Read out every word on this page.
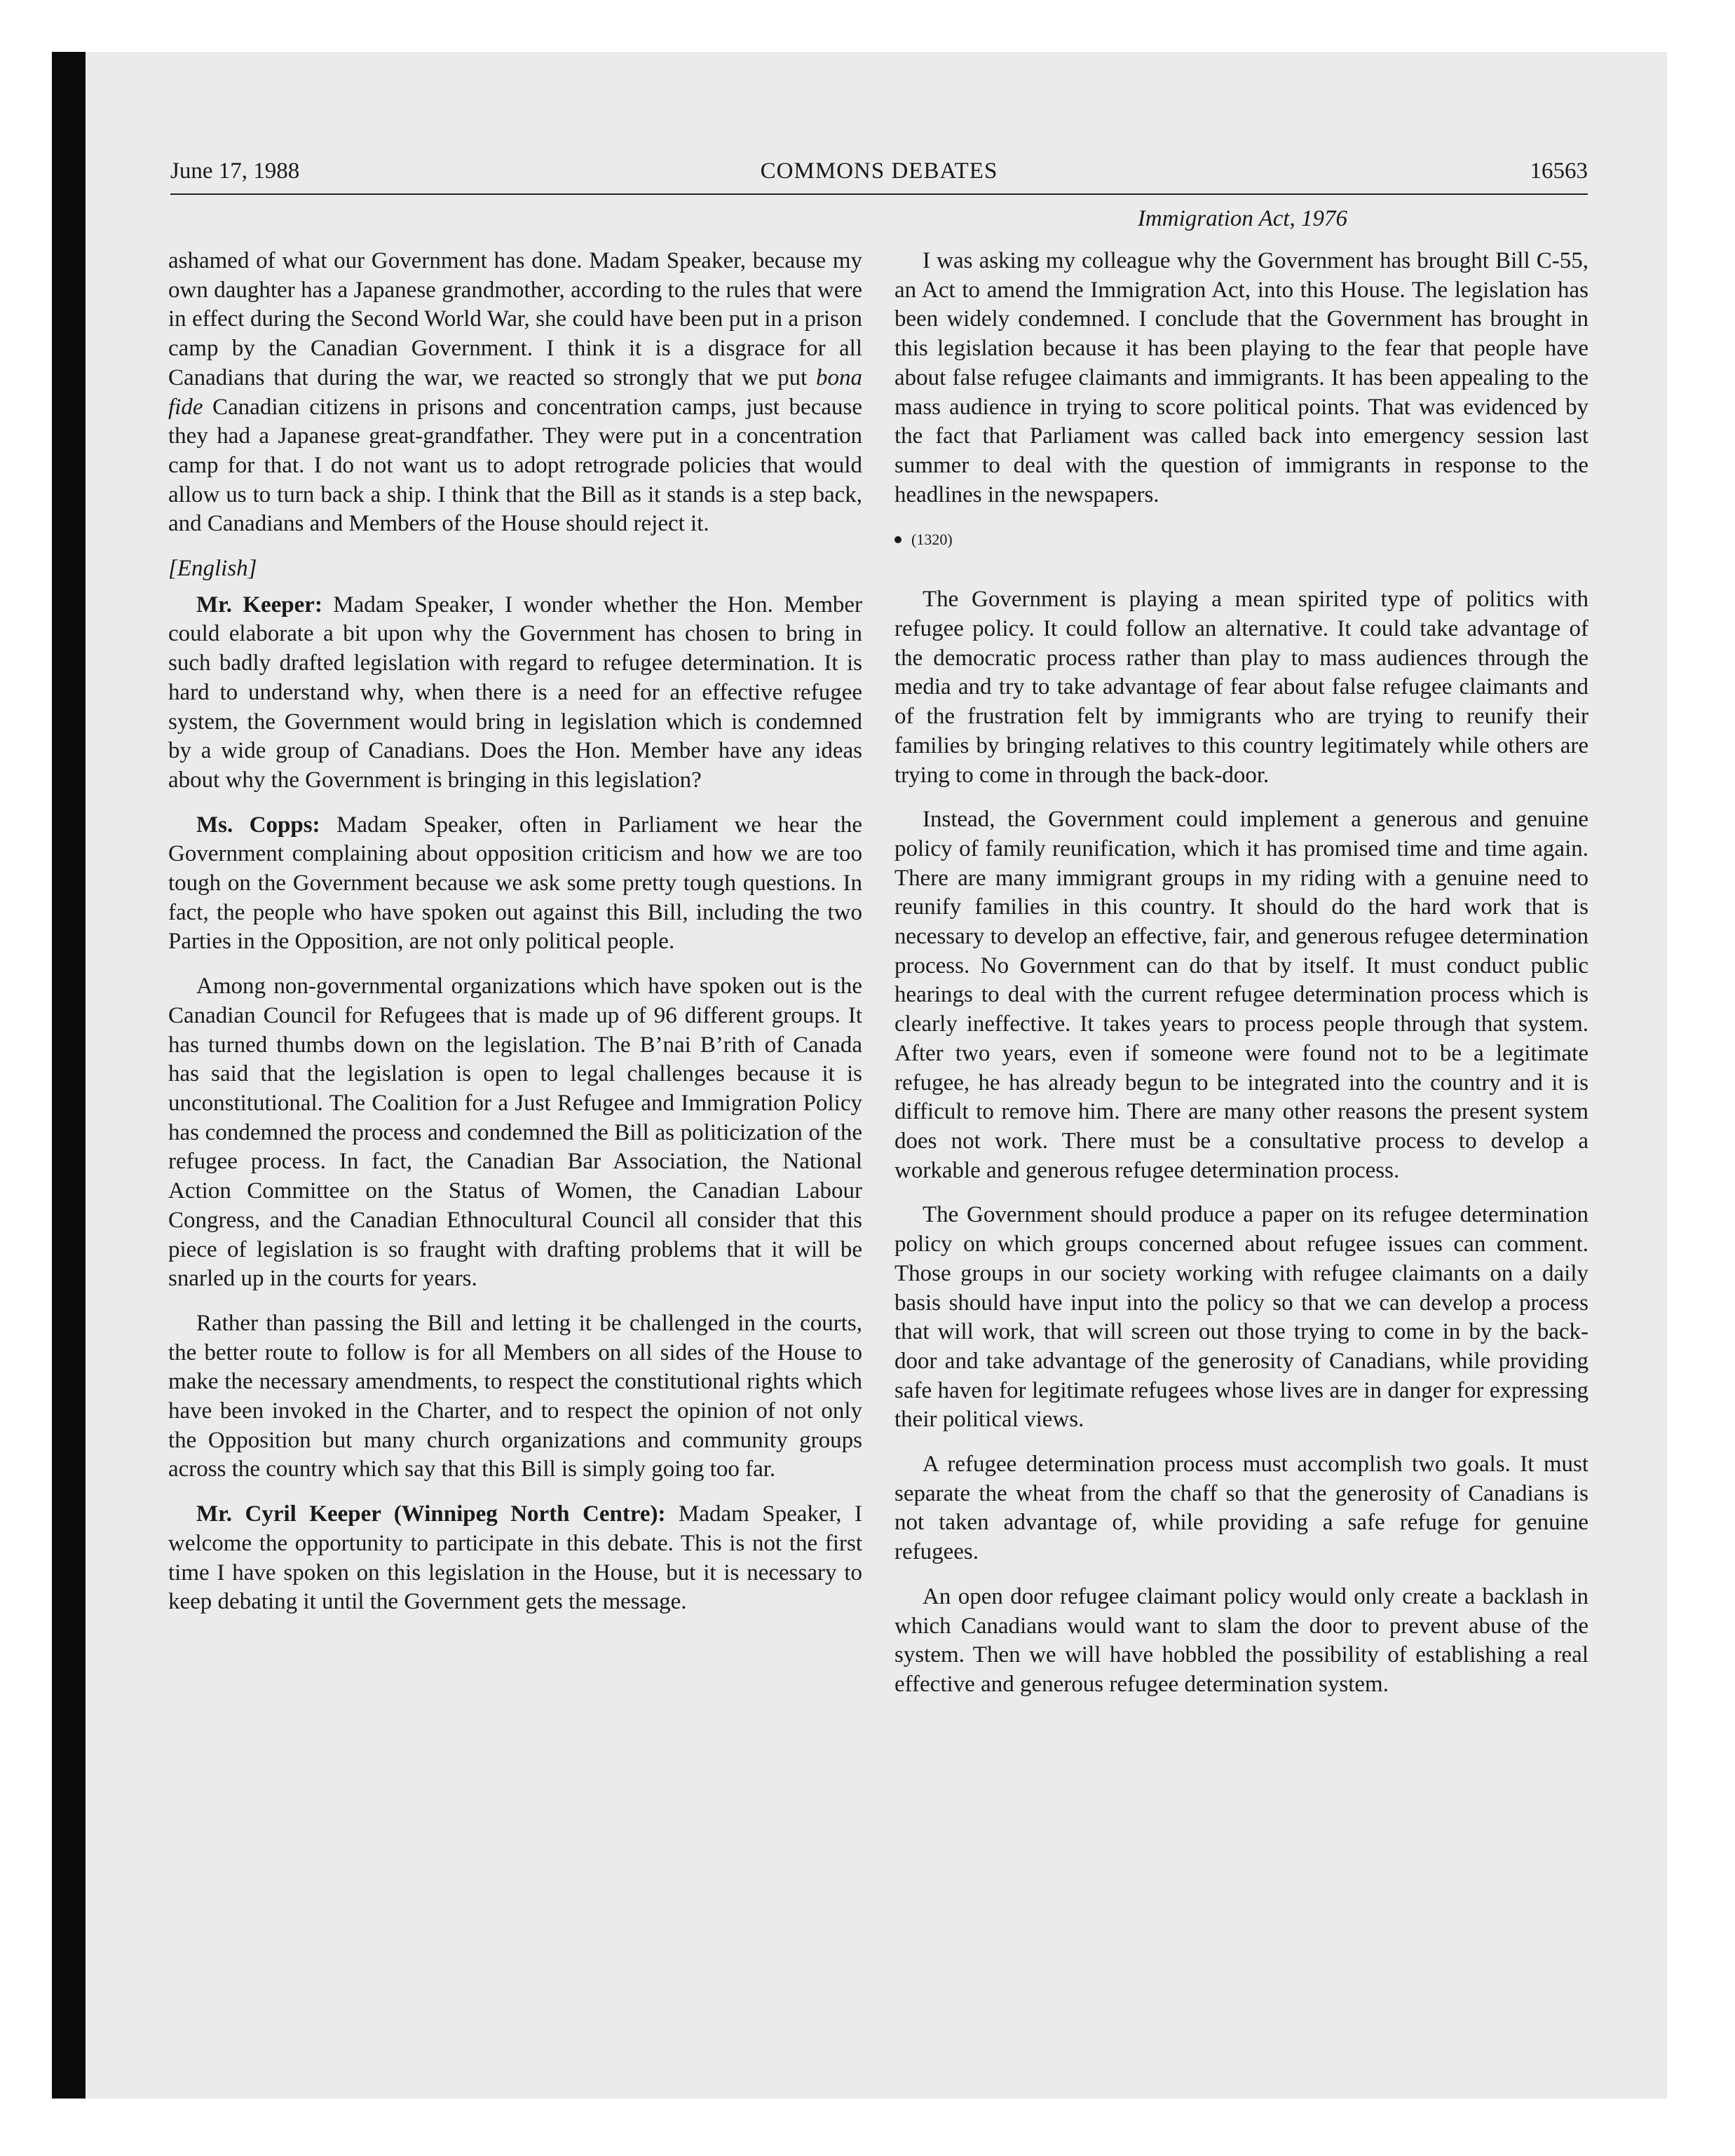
June 17, 1988	COMMONS DEBATES	16563
Immigration Act, 1976

ashamed of what our Government has done. Madam Speaker, because my own daughter has a Japanese grandmother, according to the rules that were in effect during the Second World War, she could have been put in a prison camp by the Canadian Government. I think it is a disgrace for all Canadians that during the war, we reacted so strongly that we put bona fide Canadian citizens in prisons and concentration camps, just because they had a Japanese great-grandfather. They were put in a concentration camp for that. I do not want us to adopt retrograde policies that would allow us to turn back a ship. I think that the Bill as it stands is a step back, and Canadians and Members of the House should reject it.

[English]

Mr. Keeper: Madam Speaker, I wonder whether the Hon. Member could elaborate a bit upon why the Government has chosen to bring in such badly drafted legislation with regard to refugee determination. It is hard to understand why, when there is a need for an effective refugee system, the Government would bring in legislation which is condemned by a wide group of Canadians. Does the Hon. Member have any ideas about why the Government is bringing in this legislation?

Ms. Copps: Madam Speaker, often in Parliament we hear the Government complaining about opposition criticism and how we are too tough on the Government because we ask some pretty tough questions. In fact, the people who have spoken out against this Bill, including the two Parties in the Opposition, are not only political people.

Among non-governmental organizations which have spoken out is the Canadian Council for Refugees that is made up of 96 different groups. It has turned thumbs down on the legislation. The B’nai B’rith of Canada has said that the legislation is open to legal challenges because it is unconstitutional. The Coalition for a Just Refugee and Immigration Policy has condemned the process and condemned the Bill as politicization of the refugee process. In fact, the Canadian Bar Association, the National Action Committee on the Status of Women, the Canadian Labour Congress, and the Canadian Ethnocultural Council all consider that this piece of legislation is so fraught with drafting problems that it will be snarled up in the courts for years.

Rather than passing the Bill and letting it be challenged in the courts, the better route to follow is for all Members on all sides of the House to make the necessary amendments, to respect the constitutional rights which have been invoked in the Charter, and to respect the opinion of not only the Opposition but many church organizations and community groups across the country which say that this Bill is simply going too far.

Mr. Cyril Keeper (Winnipeg North Centre): Madam Speaker, I welcome the opportunity to participate in this debate. This is not the first time I have spoken on this legislation in the House, but it is necessary to keep debating it until the Government gets the message.

I was asking my colleague why the Government has brought Bill C-55, an Act to amend the Immigration Act, into this House. The legislation has been widely condemned. I conclude that the Government has brought in this legislation because it has been playing to the fear that people have about false refugee claimants and immigrants. It has been appealing to the mass audience in trying to score political points. That was evidenced by the fact that Parliament was called back into emergency session last summer to deal with the question of immigrants in response to the headlines in the newspapers.

(1320)

The Government is playing a mean spirited type of politics with refugee policy. It could follow an alternative. It could take advantage of the democratic process rather than play to mass audiences through the media and try to take advantage of fear about false refugee claimants and of the frustration felt by immigrants who are trying to reunify their families by bringing relatives to this country legitimately while others are trying to come in through the back-door.

Instead, the Government could implement a generous and genuine policy of family reunification, which it has promised time and time again. There are many immigrant groups in my riding with a genuine need to reunify families in this country. It should do the hard work that is necessary to develop an effective, fair, and generous refugee determination process. No Government can do that by itself. It must conduct public hearings to deal with the current refugee determination process which is clearly ineffective. It takes years to process people through that system. After two years, even if someone were found not to be a legitimate refugee, he has already begun to be integrated into the country and it is difficult to remove him. There are many other reasons the present system does not work. There must be a consultative process to develop a workable and generous refugee determination process.

The Government should produce a paper on its refugee determination policy on which groups concerned about refugee issues can comment. Those groups in our society working with refugee claimants on a daily basis should have input into the policy so that we can develop a process that will work, that will screen out those trying to come in by the back-door and take advantage of the generosity of Canadians, while providing safe haven for legitimate refugees whose lives are in danger for expressing their political views.

A refugee determination process must accomplish two goals. It must separate the wheat from the chaff so that the generosity of Canadians is not taken advantage of, while providing a safe refuge for genuine refugees.

An open door refugee claimant policy would only create a backlash in which Canadians would want to slam the door to prevent abuse of the system. Then we will have hobbled the possibility of establishing a real effective and generous refugee determination system.
